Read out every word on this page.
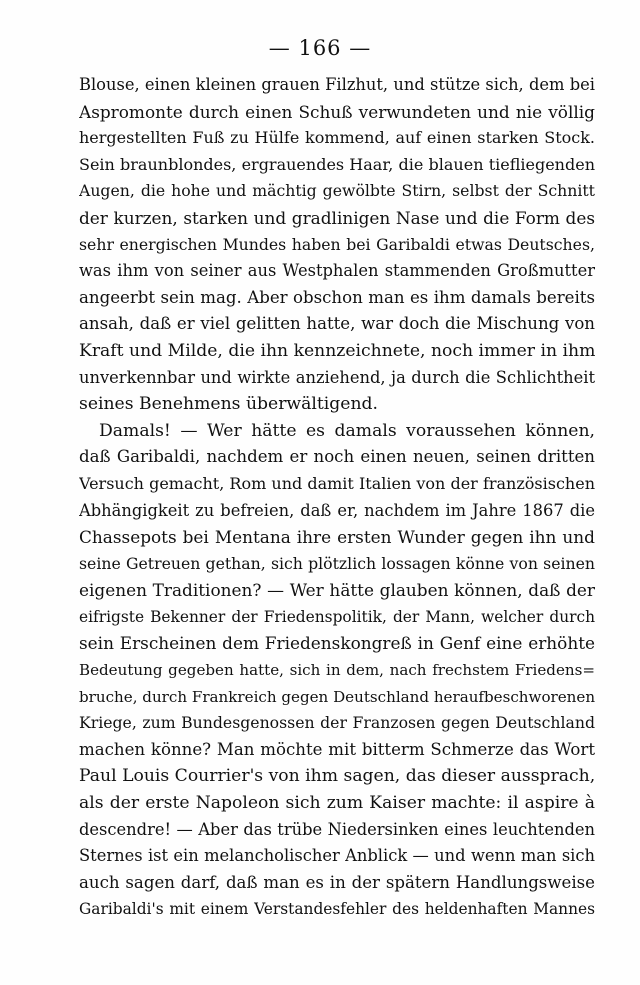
— 166 —
Blouse, einen kleinen grauen Filzhut, und stütze sich, dem bei
Aspromonte durch einen Schuß verwundeten und nie völlig
hergestellten Fuß zu Hülfe kommend, auf einen starken Stock.
Sein braunblondes, ergrauendes Haar, die blauen tiefliegenden
Augen, die hohe und mächtig gewölbte Stirn, selbst der Schnitt
der kurzen, starken und gradlinigen Nase und die Form des
sehr energischen Mundes haben bei Garibaldi etwas Deutsches,
was ihm von seiner aus Westphalen stammenden Großmutter
angeerbt sein mag. Aber obschon man es ihm damals bereits
ansah, daß er viel gelitten hatte, war doch die Mischung von
Kraft und Milde, die ihn kennzeichnete, noch immer in ihm
unverkennbar und wirkte anziehend, ja durch die Schlichtheit
seines Benehmens überwältigend.
Damals! — Wer hätte es damals voraussehen können,
daß Garibaldi, nachdem er noch einen neuen, seinen dritten
Versuch gemacht, Rom und damit Italien von der französischen
Abhängigkeit zu befreien, daß er, nachdem im Jahre 1867 die
Chassepots bei Mentana ihre ersten Wunder gegen ihn und
seine Getreuen gethan, sich plötzlich lossagen könne von seinen
eigenen Traditionen? — Wer hätte glauben können, daß der
eifrigste Bekenner der Friedenspolitik, der Mann, welcher durch
sein Erscheinen dem Friedenskongreß in Genf eine erhöhte
Bedeutung gegeben hatte, sich in dem, nach frechstem Friedens=
bruche, durch Frankreich gegen Deutschland heraufbeschworenen
Kriege, zum Bundesgenossen der Franzosen gegen Deutschland
machen könne? Man möchte mit bitterm Schmerze das Wort
Paul Louis Courrier's von ihm sagen, das dieser aussprach,
als der erste Napoleon sich zum Kaiser machte: il aspire à
descendre! — Aber das trübe Niedersinken eines leuchtenden
Sternes ist ein melancholischer Anblick — und wenn man sich
auch sagen darf, daß man es in der spätern Handlungsweise
Garibaldi's mit einem Verstandesfehler des heldenhaften Mannes
